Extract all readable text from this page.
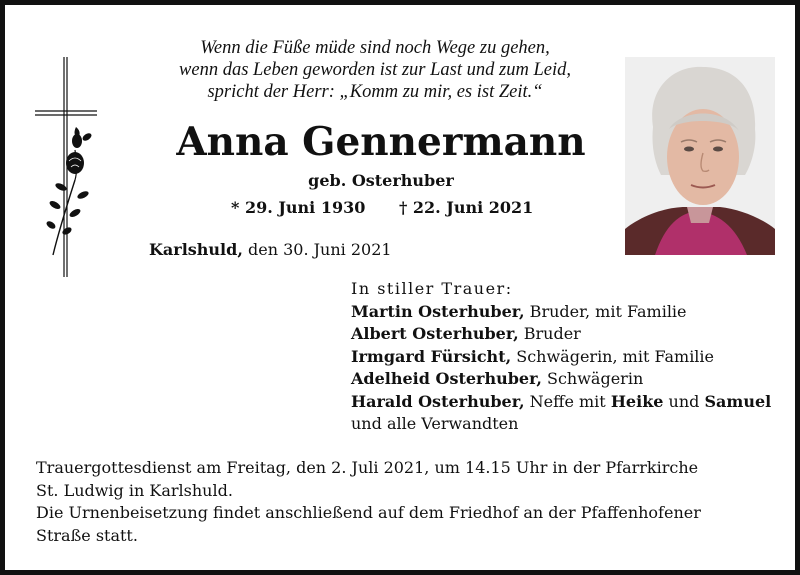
Wenn die Füße müde sind noch Wege zu gehen,
wenn das Leben geworden ist zur Last und zum Leid,
spricht der Herr: „Komm zu mir, es ist Zeit.“
Anna Gennermann
geb. Osterhuber
* 29. Juni 1930 † 22. Juni 2021
Karlshuld, den 30. Juni 2021
In stiller Trauer:
Martin Osterhuber, Bruder, mit Familie
Albert Osterhuber, Bruder
Irmgard Fürsicht, Schwägerin, mit Familie
Adelheid Osterhuber, Schwägerin
Harald Osterhuber, Neffe mit Heike und Samuel
und alle Verwandten
Trauergottesdienst am Freitag, den 2. Juli 2021, um 14.15 Uhr in der Pfarrkirche
St. Ludwig in Karlshuld.
Die Urnenbeisetzung findet anschließend auf dem Friedhof an der Pfaffenhofener
Straße statt.
